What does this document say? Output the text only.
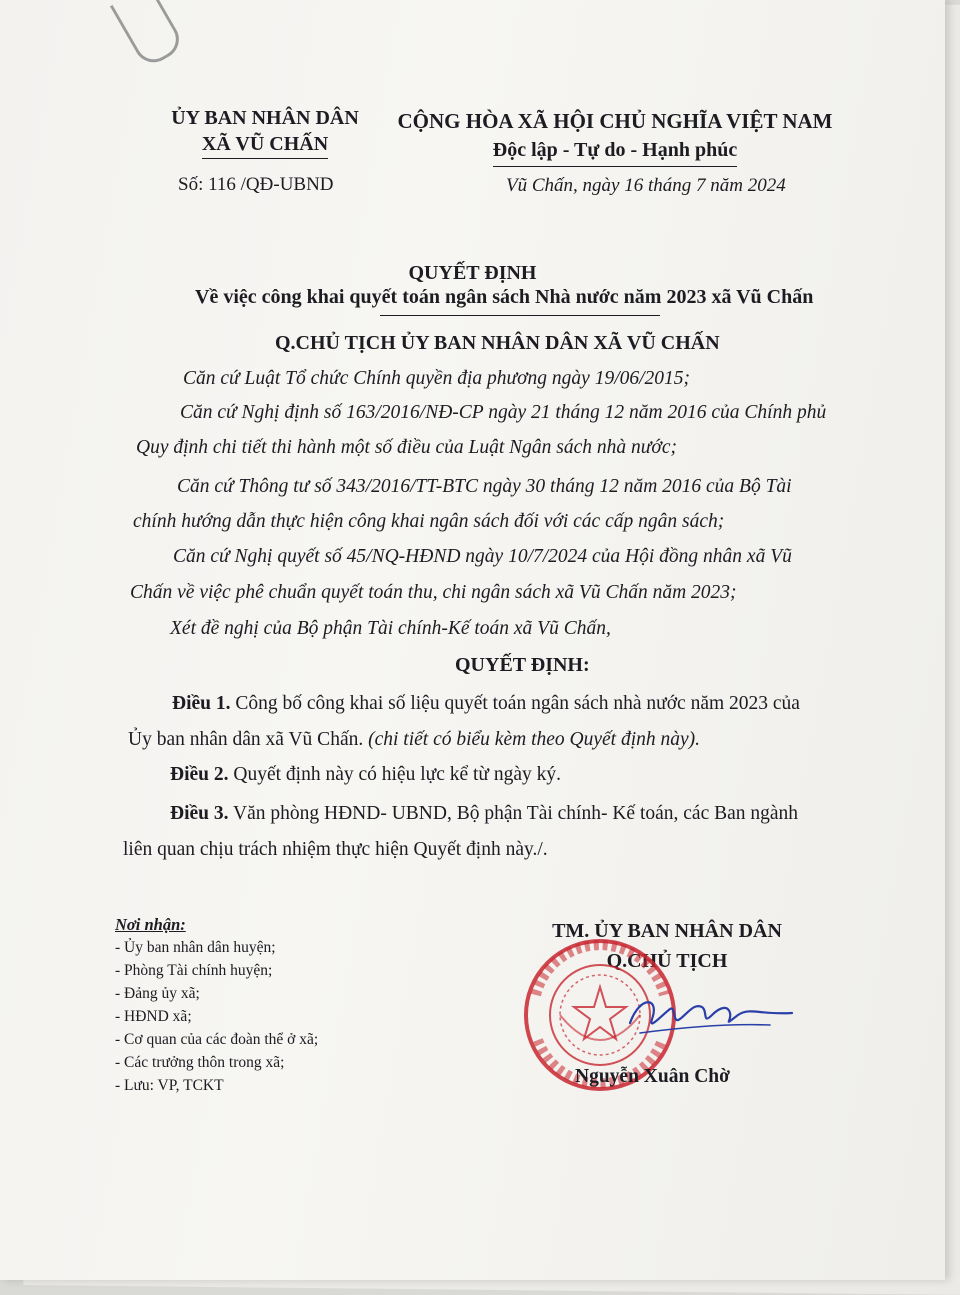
ỦY BAN NHÂN DÂN
XÃ VŨ CHẤN
Số: 116 /QĐ-UBND
CỘNG HÒA XÃ HỘI CHỦ NGHĨA VIỆT NAM
Độc lập - Tự do - Hạnh phúc
Vũ Chấn, ngày 16 tháng 7 năm 2024
QUYẾT ĐỊNH
Về việc công khai quyết toán ngân sách Nhà nước năm 2023 xã Vũ Chấn
Q.CHỦ TỊCH ỦY BAN NHÂN DÂN XÃ VŨ CHẤN
Căn cứ Luật Tổ chức Chính quyền địa phương ngày 19/06/2015;
Căn cứ Nghị định số 163/2016/NĐ-CP ngày 21 tháng 12 năm 2016 của Chính phủ
Quy định chi tiết thi hành một số điều của Luật Ngân sách nhà nước;
Căn cứ Thông tư số 343/2016/TT-BTC ngày 30 tháng 12 năm 2016 của Bộ Tài
chính hướng dẫn thực hiện công khai ngân sách đối với các cấp ngân sách;
Căn cứ Nghị quyết số 45/NQ-HĐND ngày 10/7/2024 của Hội đồng nhân xã Vũ
Chấn về việc phê chuẩn quyết toán thu, chi ngân sách xã Vũ Chấn năm 2023;
Xét đề nghị của Bộ phận Tài chính-Kế toán xã Vũ Chấn,
QUYẾT ĐỊNH:
Điều 1. Công bố công khai số liệu quyết toán ngân sách nhà nước năm 2023 của
Ủy ban nhân dân xã Vũ Chấn. (chi tiết có biểu kèm theo Quyết định này).
Điều 2. Quyết định này có hiệu lực kể từ ngày ký.
Điều 3. Văn phòng HĐND- UBND, Bộ phận Tài chính- Kế toán, các Ban ngành
liên quan chịu trách nhiệm thực hiện Quyết định này./.
Nơi nhận:
- Ủy ban nhân dân huyện;
- Phòng Tài chính huyện;
- Đảng ủy xã;
- HĐND xã;
- Cơ quan của các đoàn thể ở xã;
- Các trưởng thôn trong xã;
- Lưu: VP, TCKT
TM. ỦY BAN NHÂN DÂN
Q.CHỦ TỊCH
Nguyễn Xuân Chờ
